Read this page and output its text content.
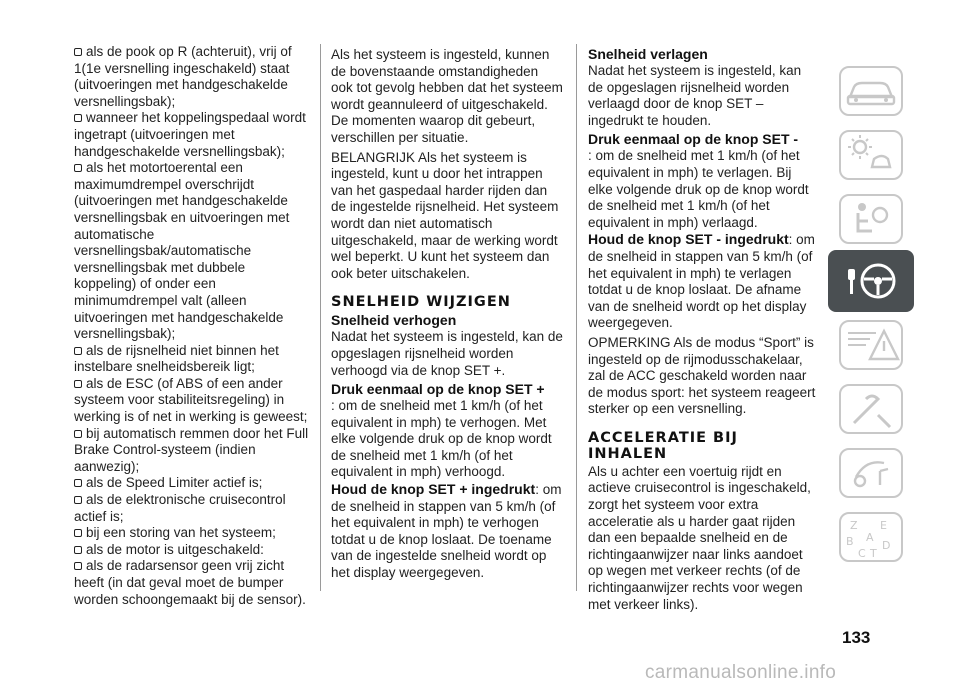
als de pook op R (achteruit), vrij of 1(1e versnelling ingeschakeld) staat (uitvoeringen met handgeschakelde versnellingsbak);
wanneer het koppelingspedaal wordt ingetrapt (uitvoeringen met handgeschakelde versnellingsbak);
als het motortoerental een maximumdrempel overschrijdt (uitvoeringen met handgeschakelde versnellingsbak en uitvoeringen met automatische versnellingsbak/automatische versnellingsbak met dubbele koppeling) of onder een minimumdrempel valt (alleen uitvoeringen met handgeschakelde versnellingsbak);
als de rijsnelheid niet binnen het instelbare snelheidsbereik ligt;
als de ESC (of ABS of een ander systeem voor stabiliteitsregeling) in werking is of net in werking is geweest;
bij automatisch remmen door het Full Brake Control-systeem (indien aanwezig);
als de Speed Limiter actief is;
als de elektronische cruisecontrol actief is;
bij een storing van het systeem;
als de motor is uitgeschakeld:
als de radarsensor geen vrij zicht heeft (in dat geval moet de bumper worden schoongemaakt bij de sensor).
Als het systeem is ingesteld, kunnen de bovenstaande omstandigheden ook tot gevolg hebben dat het systeem wordt geannuleerd of uitgeschakeld. De momenten waarop dit gebeurt, verschillen per situatie.
BELANGRIJK Als het systeem is ingesteld, kunt u door het intrappen van het gaspedaal harder rijden dan de ingestelde rijsnelheid. Het systeem wordt dan niet automatisch uitgeschakeld, maar de werking wordt wel beperkt. U kunt het systeem dan ook beter uitschakelen.
SNELHEID WIJZIGEN
Snelheid verhogen
Nadat het systeem is ingesteld, kan de opgeslagen rijsnelheid worden verhoogd via de knop SET +.
Druk eenmaal op de knop SET +
: om de snelheid met 1 km/h (of het equivalent in mph) te verhogen. Met elke volgende druk op de knop wordt de snelheid met 1 km/h (of het equivalent in mph) verhoogd.
Houd de knop SET + ingedrukt: om de snelheid in stappen van 5 km/h (of het equivalent in mph) te verhogen totdat u de knop loslaat. De toename van de ingestelde snelheid wordt op het display weergegeven.
Snelheid verlagen
Nadat het systeem is ingesteld, kan de opgeslagen rijsnelheid worden verlaagd door de knop SET – ingedrukt te houden.
Druk eenmaal op de knop SET -
: om de snelheid met 1 km/h (of het equivalent in mph) te verlagen. Bij elke volgende druk op de knop wordt de snelheid met 1 km/h (of het equivalent in mph) verlaagd.
Houd de knop SET - ingedrukt: om de snelheid in stappen van 5 km/h (of het equivalent in mph) te verlagen totdat u de knop loslaat. De afname van de snelheid wordt op het display weergegeven.
OPMERKING Als de modus “Sport” is ingesteld op de rijmodusschakelaar, zal de ACC geschakeld worden naar de modus sport: het systeem reageert sterker op een versnelling.
ACCELERATIE BIJ INHALEN
Als u achter een voertuig rijdt en actieve cruisecontrol is ingeschakeld, zorgt het systeem voor extra acceleratie als u harder gaat rijden dan een bepaalde snelheid en de richtingaanwijzer naar links aandoet op wegen met verkeer rechts (of de richtingaanwijzer rechts voor wegen met verkeer links).
Z E BC TDA
133
carmanualsonline.info
